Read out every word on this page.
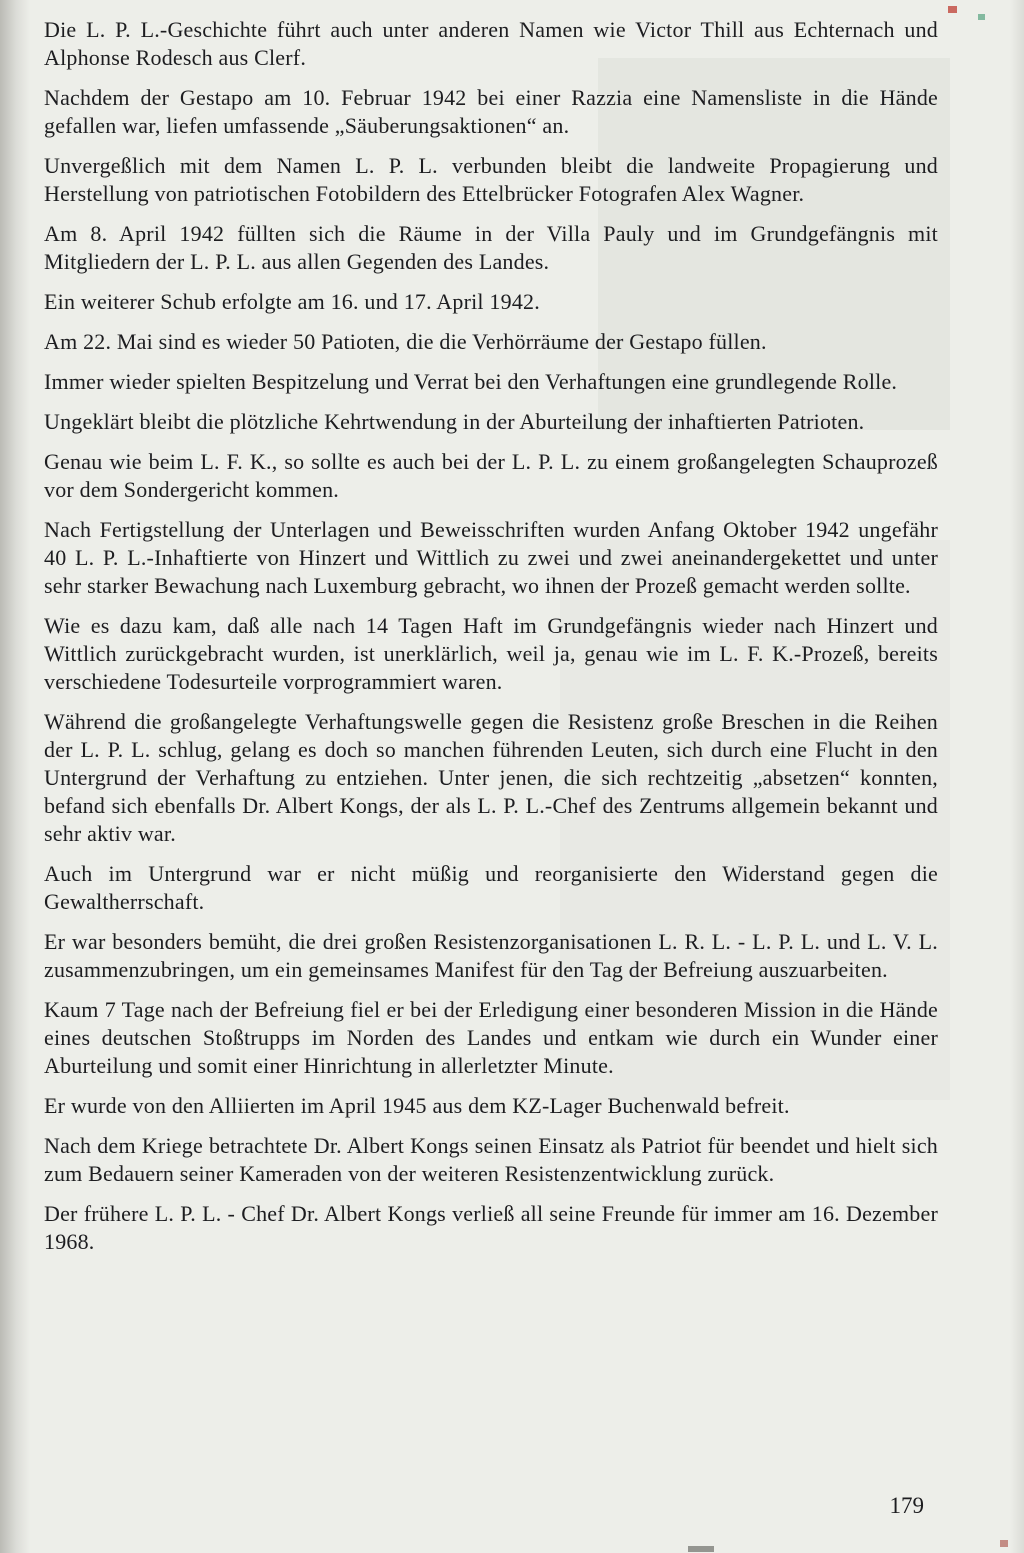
Die L. P. L.-Geschichte führt auch unter anderen Namen wie Victor Thill aus Echternach und Alphonse Rodesch aus Clerf.

Nachdem der Gestapo am 10. Februar 1942 bei einer Razzia eine Namensliste in die Hände gefallen war, liefen umfassende „Säuberungsaktionen“ an.

Unvergeßlich mit dem Namen L. P. L. verbunden bleibt die landweite Propagierung und Herstellung von patriotischen Fotobildern des Ettelbrücker Fotografen Alex Wagner.

Am 8. April 1942 füllten sich die Räume in der Villa Pauly und im Grundgefängnis mit Mitgliedern der L. P. L. aus allen Gegenden des Landes.

Ein weiterer Schub erfolgte am 16. und 17. April 1942.

Am 22. Mai sind es wieder 50 Patioten, die die Verhörräume der Gestapo füllen.

Immer wieder spielten Bespitzelung und Verrat bei den Verhaftungen eine grundlegende Rolle.

Ungeklärt bleibt die plötzliche Kehrtwendung in der Aburteilung der inhaftierten Patrioten.

Genau wie beim L. F. K., so sollte es auch bei der L. P. L. zu einem großangelegten Schauprozeß vor dem Sondergericht kommen.

Nach Fertigstellung der Unterlagen und Beweisschriften wurden Anfang Oktober 1942 ungefähr 40 L. P. L.-Inhaftierte von Hinzert und Wittlich zu zwei und zwei aneinandergekettet und unter sehr starker Bewachung nach Luxemburg gebracht, wo ihnen der Prozeß gemacht werden sollte.

Wie es dazu kam, daß alle nach 14 Tagen Haft im Grundgefängnis wieder nach Hinzert und Wittlich zurückgebracht wurden, ist unerklärlich, weil ja, genau wie im L. F. K.-Prozeß, bereits verschiedene Todesurteile vorprogrammiert waren.

Während die großangelegte Verhaftungswelle gegen die Resistenz große Breschen in die Reihen der L. P. L. schlug, gelang es doch so manchen führenden Leuten, sich durch eine Flucht in den Untergrund der Verhaftung zu entziehen. Unter jenen, die sich rechtzeitig „absetzen“ konnten, befand sich ebenfalls Dr. Albert Kongs, der als L. P. L.-Chef des Zentrums allgemein bekannt und sehr aktiv war.

Auch im Untergrund war er nicht müßig und reorganisierte den Widerstand gegen die Gewaltherrschaft.

Er war besonders bemüht, die drei großen Resistenzorganisationen L. R. L. - L. P. L. und L. V. L. zusammenzubringen, um ein gemeinsames Manifest für den Tag der Befreiung auszuarbeiten.

Kaum 7 Tage nach der Befreiung fiel er bei der Erledigung einer besonderen Mission in die Hände eines deutschen Stoßtrupps im Norden des Landes und entkam wie durch ein Wunder einer Aburteilung und somit einer Hinrichtung in allerletzter Minute.

Er wurde von den Alliierten im April 1945 aus dem KZ-Lager Buchenwald befreit.

Nach dem Kriege betrachtete Dr. Albert Kongs seinen Einsatz als Patriot für beendet und hielt sich zum Bedauern seiner Kameraden von der weiteren Resistenzentwicklung zurück.

Der frühere L. P. L. - Chef Dr. Albert Kongs verließ all seine Freunde für immer am 16. Dezember 1968.

179
